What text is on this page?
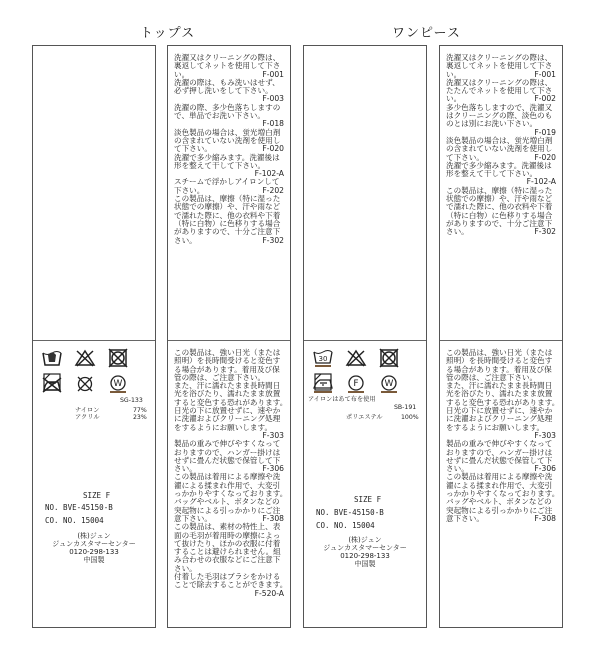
トップス	ワンピース

W
SG-133
ナイロン	77%
アクリル	23%
SIZE F
NO. BVE-45150-B
CO. NO. 15004
(株)ジュン
ジュンカスタマーセンター
0120-298-133
中国製
洗濯又はクリーニングの際は、
裏返してネットを使用して下さ
い。	F-001
洗濯の際は、もみ洗いはせず、
必ず押し洗いをして下さい。
F-003
洗濯の際、多少色落ちしますの
で、単品でお洗い下さい。
F-018
淡色製品の場合は、蛍光増白剤
の含まれていない洗剤を使用し
て下さい。	F-020
洗濯で多少縮みます。洗濯後は
形を整えて干して下さい。
F-102-A
スチームで浮かしアイロンして
下さい。	F-202
この製品は、摩擦（特に湿った
状態での摩擦）や、汗や雨など
で濡れた際に、他の衣料や下着
（特に白物）に色移りする場合
がありますので、十分ご注意下
さい。	F-302
この製品は、強い日光（または
照明）を長時間受けると変色す
る場合があります。着用及び保
管の際は、ご注意下さい。
また、汗に濡れたまま長時間日
光を浴びたり、濡れたまま放置
すると変色する恐れがあります。
日光の下に放置せずに、速やか
に洗濯およびクリーニング処理
をするようにお願いします。
F-303
製品の重みで伸びやすくなって
おりますので、ハンガー掛けは
せずに畳んだ状態で保管して下
さい。	F-306
この製品は着用による摩擦や洗
濯による揉まれ作用で、大変引
っかかりやすくなっております。
バッグやベルト、ボタンなどの
突起物による引っかかりにご注
意下さい。	F-308
この製品は、素材の特性上、表
面の毛羽が着用時の摩擦によっ
て抜けたり、ほかの衣服に付着
することは避けられません。組
み合わせの衣服などにご注意下
さい。
付着した毛羽はブラシをかける
ことで除去することができます。
F-520-A
30

F
	W
アイロンはあて布を使用
SB-191
ポリエステル	100%
SIZE F
NO. BVE-45150-B
CO. NO. 15004
(株)ジュン
ジュンカスタマーセンター
0120-298-133
中国製
洗濯又はクリーニングの際は、
裏返してネットを使用して下さ
い。	F-001
洗濯又はクリーニングの際は、
たたんでネットを使用して下さ
い。	F-002
多少色落ちしますので、洗濯又
はクリーニングの際、淡色のも
のとは別にお洗い下さい。
F-019
淡色製品の場合は、蛍光増白剤
の含まれていない洗剤を使用し
て下さい。	F-020
洗濯で多少縮みます。洗濯後は
形を整えて干して下さい。
F-102-A
この製品は、摩擦（特に湿った
状態での摩擦）や、汗や雨など
で濡れた際に、他の衣料や下着
（特に白物）に色移りする場合
がありますので、十分ご注意下
さい。	F-302
この製品は、強い日光（または
照明）を長時間受けると変色す
る場合があります。着用及び保
管の際は、ご注意下さい。
また、汗に濡れたまま長時間日
光を浴びたり、濡れたまま放置
すると変色する恐れがあります。
日光の下に放置せずに、速やか
に洗濯およびクリーニング処理
をするようにお願いします。
F-303
製品の重みで伸びやすくなって
おりますので、ハンガー掛けは
せずに畳んだ状態で保管して下
さい。	F-306
この製品は着用による摩擦や洗
濯による揉まれ作用で、大変引
っかかりやすくなっております。
バッグやベルト、ボタンなどの
突起物による引っかかりにご注
意下さい。	F-308
